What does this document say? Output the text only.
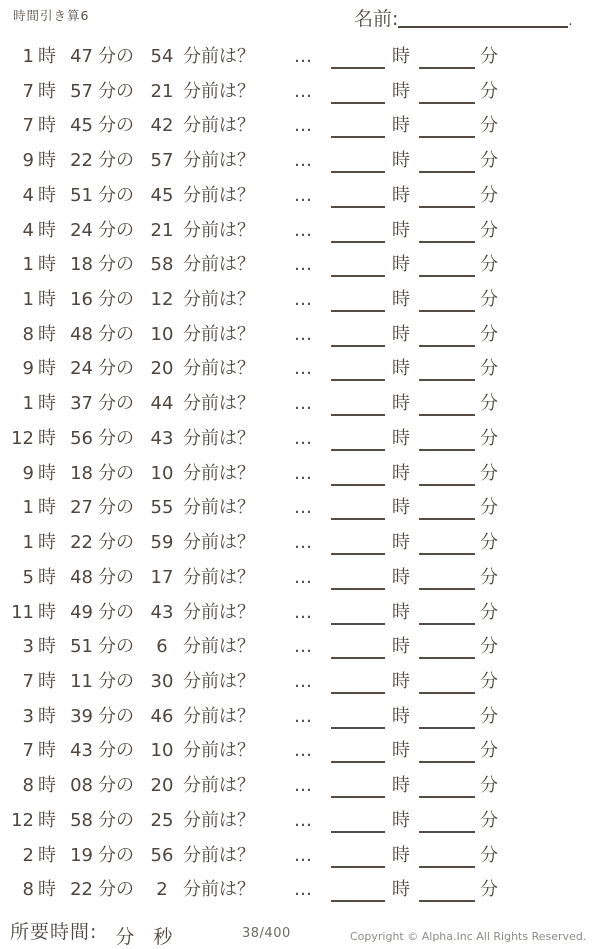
時間引き算6	名前:	.
1 時 47 分の 54 分前は？ …	時	分
7 時 57 分の 21 分前は？ …	時	分
7 時 45 分の 42 分前は？ …	時	分
9 時 22 分の 57 分前は？ …	時	分
4 時 51 分の 45 分前は？ …	時	分
4 時 24 分の 21 分前は？ …	時	分
1 時 18 分の 58 分前は？ …	時	分
1 時 16 分の 12 分前は？ …	時	分
8 時 48 分の 10 分前は？ …	時	分
9 時 24 分の 20 分前は？ …	時	分
1 時 37 分の 44 分前は？ …	時	分
12 時 56 分の 43 分前は？ …	時	分
9 時 18 分の 10 分前は？ …	時	分
1 時 27 分の 55 分前は？ …	時	分
1 時 22 分の 59 分前は？ …	時	分
5 時 48 分の 17 分前は？ …	時	分
11 時 49 分の 43 分前は？ …	時	分
3 時 51 分の 6 分前は？ …	時	分
7 時 11 分の 30 分前は？ …	時	分
3 時 39 分の 46 分前は？ …	時	分
7 時 43 分の 10 分前は？ …	時	分
8 時 08 分の 20 分前は？ …	時	分
12 時 58 分の 25 分前は？ …	時	分
2 時 19 分の 56 分前は？ …	時	分
8 時 22 分の 2 分前は？ …	時	分
所要時間: 分 秒	38/400	Copyright © Alpha.Inc All Rights Reserved.
